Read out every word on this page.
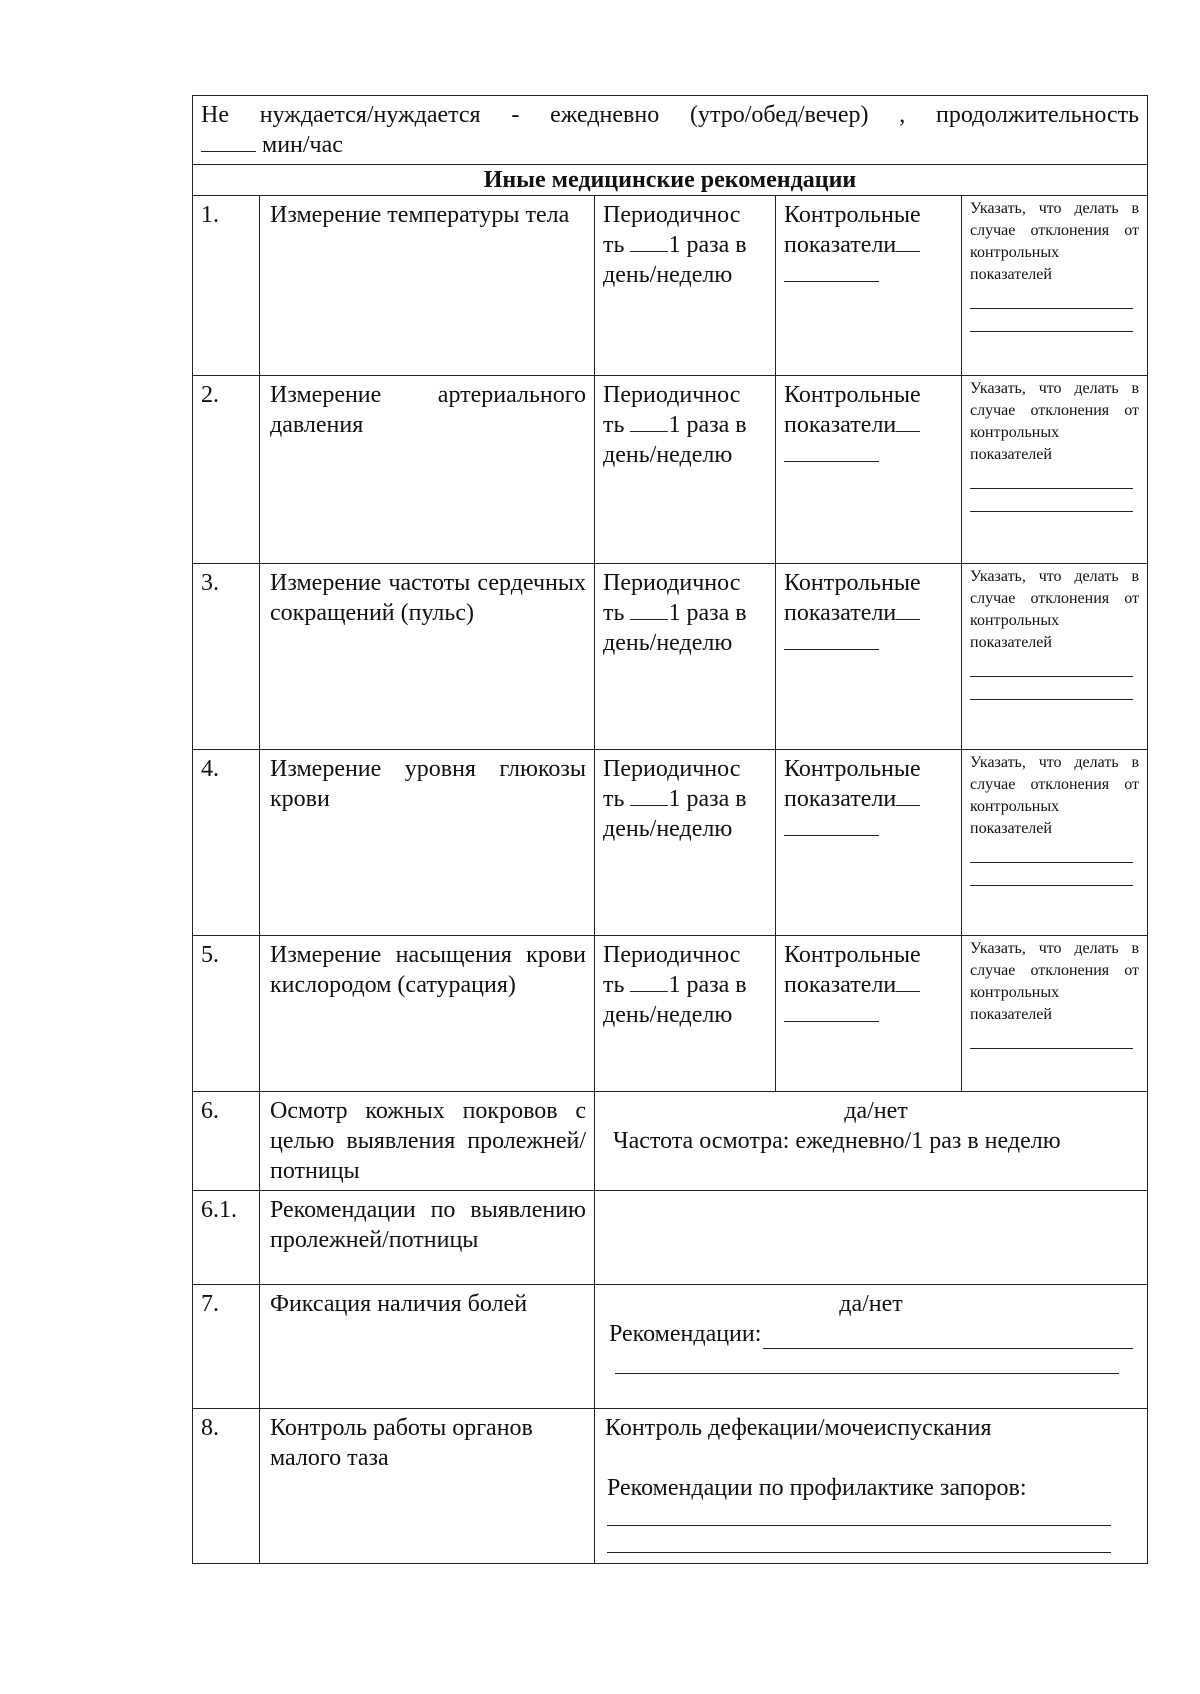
Не нуждается/нуждается - ежедневно (утро/обед/вечер) , продолжительность
мин/час				

Иные медицинские рекомендации				
1.	Измерение температуры тела	Периодичнос
ть 1 раза в
день/неделю	Контрольные
показатели	Указать, что делать в случае отклонения от контрольных показателей

2.	Измерение артериального давления	Периодичнос
ть 1 раза в
день/неделю	Контрольные
показатели	Указать, что делать в случае отклонения от контрольных показателей

3.	Измерение частоты сердечных сокращений (пульс)	Периодичнос
ть 1 раза в
день/неделю	Контрольные
показатели	Указать, что делать в случае отклонения от контрольных показателей

4.	Измерение уровня глюкозы крови	Периодичнос
ть 1 раза в
день/неделю	Контрольные
показатели	Указать, что делать в случае отклонения от контрольных показателей

5.	Измерение насыщения крови кислородом (сатурация)	Периодичнос
ть 1 раза в
день/неделю	Контрольные
показатели	Указать, что делать в случае отклонения от контрольных показателей

6.	Осмотр кожных покровов с целью выявления пролежней/потницы	да/нет
Частота осмотра: ежедневно/1 раз в неделю		

6.1.	Рекомендации по выявлению пролежней/потницы			
7.	Фиксация наличия болей	да/нет
Рекомендации:		

8.	Контроль работы органов малого таза	Контроль дефекации/мочеиспускания
Рекомендации по профилактике запоров:		
